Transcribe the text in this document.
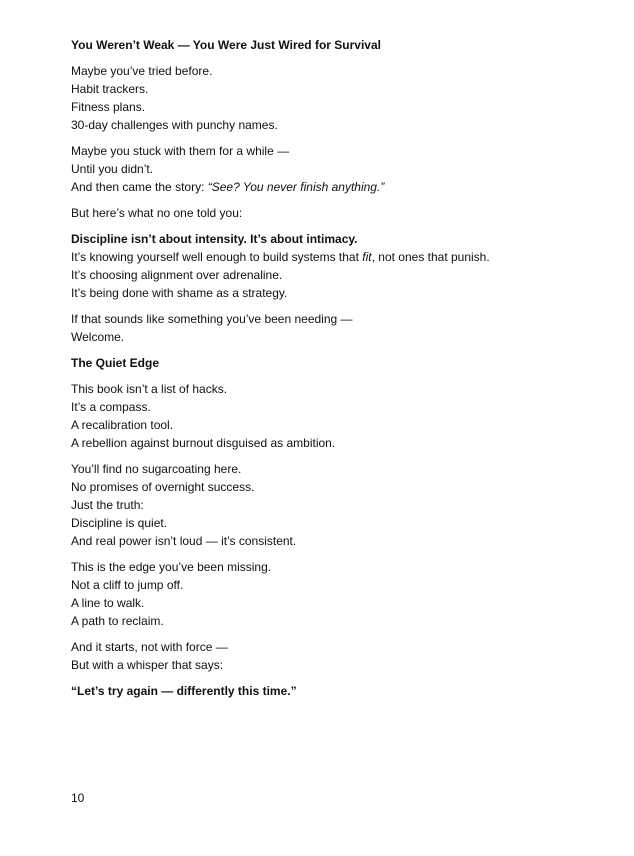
You Weren’t Weak — You Were Just Wired for Survival

Maybe you’ve tried before.
Habit trackers.
Fitness plans.
30-day challenges with punchy names.

Maybe you stuck with them for a while —
Until you didn’t.
And then came the story: “See? You never finish anything.”

But here’s what no one told you:

Discipline isn’t about intensity. It’s about intimacy.
It’s knowing yourself well enough to build systems that fit, not ones that punish.
It’s choosing alignment over adrenaline.
It’s being done with shame as a strategy.

If that sounds like something you’ve been needing —
Welcome.

The Quiet Edge

This book isn’t a list of hacks.
It’s a compass.
A recalibration tool.
A rebellion against burnout disguised as ambition.

You’ll find no sugarcoating here.
No promises of overnight success.
Just the truth:
Discipline is quiet.
And real power isn’t loud — it’s consistent.

This is the edge you’ve been missing.
Not a cliff to jump off.
A line to walk.
A path to reclaim.

And it starts, not with force —
But with a whisper that says:

“Let’s try again — differently this time.”

10
